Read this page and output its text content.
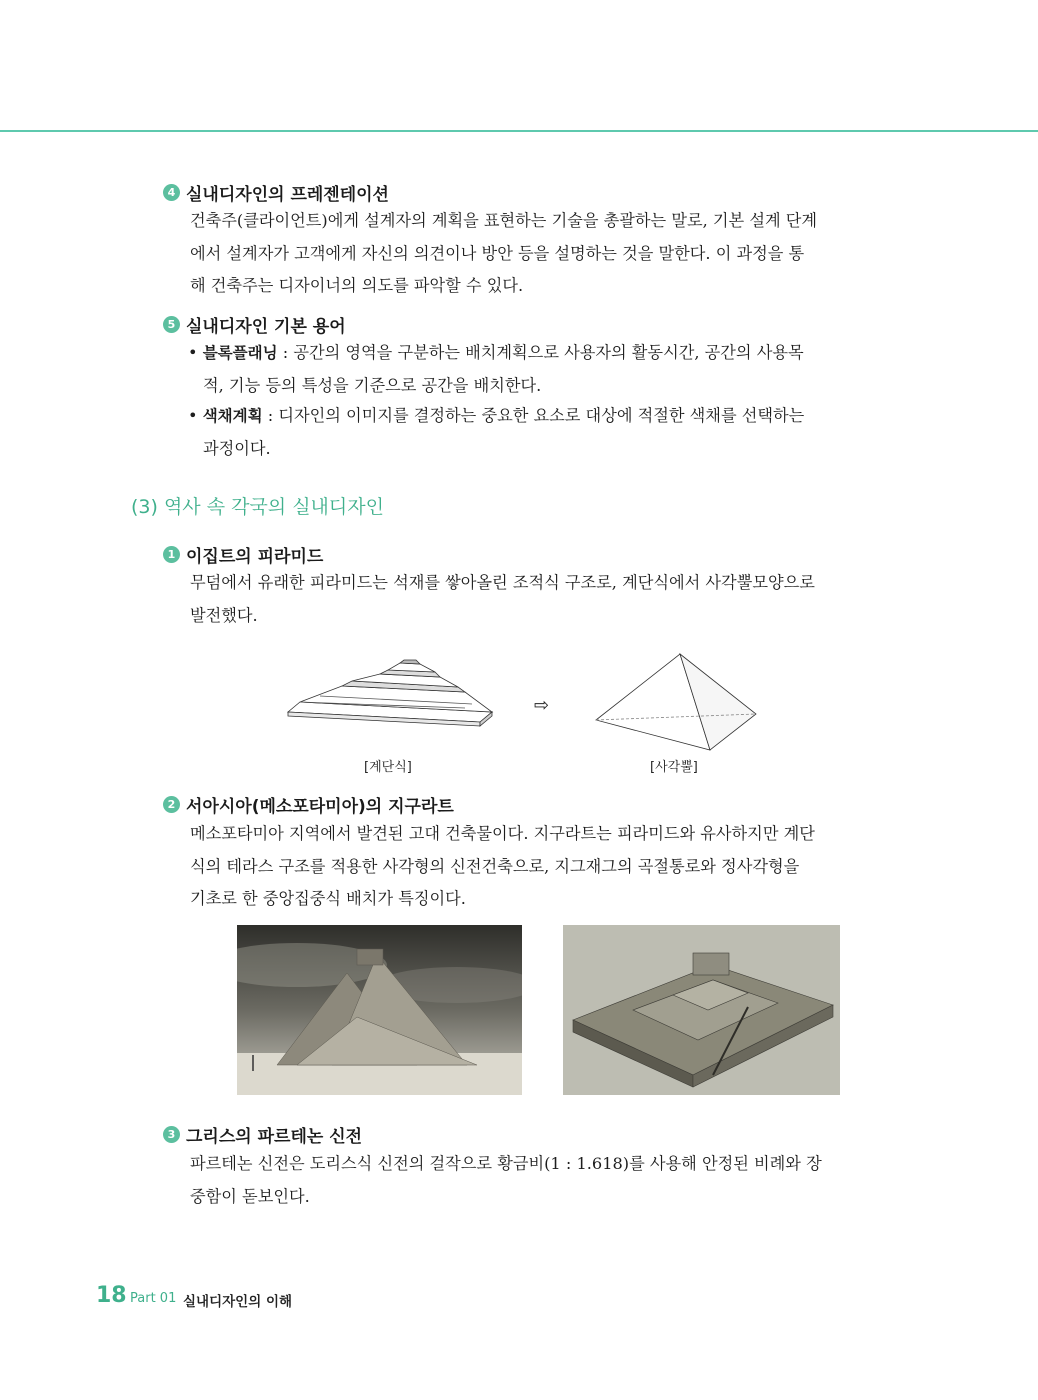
4 실내디자인의 프레젠테이션

건축주(클라이언트)에게 설계자의 계획을 표현하는 기술을 총괄하는 말로, 기본 설계 단계

에서 설계자가 고객에게 자신의 의견이나 방안 등을 설명하는 것을 말한다. 이 과정을 통

해 건축주는 디자이너의 의도를 파악할 수 있다.

5 실내디자인 기본 용어

• 블록플래닝 : 공간의 영역을 구분하는 배치계획으로 사용자의 활동시간, 공간의 사용목

적, 기능 등의 특성을 기준으로 공간을 배치한다.

• 색채계획 : 디자인의 이미지를 결정하는 중요한 요소로 대상에 적절한 색채를 선택하는

과정이다.

(3) 역사 속 각국의 실내디자인
1 이집트의 피라미드

무덤에서 유래한 피라미드는 석재를 쌓아올린 조적식 구조로, 계단식에서 사각뿔모양으로

발전했다.

⇨
[계단식]	[사각뿔]
2 서아시아(메소포타미아)의 지구라트

메소포타미아 지역에서 발견된 고대 건축물이다. 지구라트는 피라미드와 유사하지만 계단

식의 테라스 구조를 적용한 사각형의 신전건축으로, 지그재그의 곡절통로와 정사각형을

기초로 한 중앙집중식 배치가 특징이다.

3 그리스의 파르테논 신전

파르테논 신전은 도리스식 신전의 걸작으로 황금비(1 : 1.618)를 사용해 안정된 비례와 장

중함이 돋보인다.

18 Part 01 실내디자인의 이해
